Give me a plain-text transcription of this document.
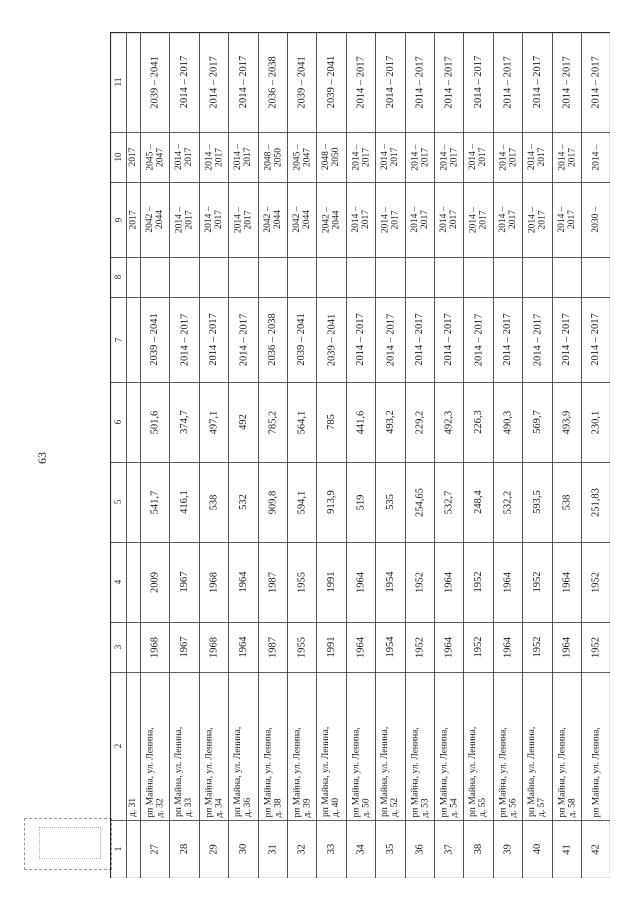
63
11
10
9
8
7
6
5
4
3
2
1
д. 31
2017
2017
2039 – 2041
2045 – 2047
2042 – 2044
2039 – 2041
501,6
541,7
2009
1968
рп Майна, ул. Ленина, д. 32
27
2014 – 2017
2014 – 2017
2014 – 2017
2014 – 2017
374,7
416,1
1967
1967
рп Майна, ул. Ленина, д. 33
28
2014 – 2017
2014 – 2017
2014 – 2017
2014 – 2017
497,1
538
1968
1968
рп Майна, ул. Ленина, д. 34
29
2014 – 2017
2014 – 2017
2014 – 2017
2014 – 2017
492
532
1964
1964
рп Майна, ул. Ленина, д. 36
30
2036 – 2038
2048 – 2050
2042 – 2044
2036 – 2038
785,2
909,8
1987
1987
рп Майна, ул. Ленина, д. 38
31
2039 – 2041
2045 – 2047
2042 – 2044
2039 – 2041
564,1
594,1
1955
1955
рп Майна, ул. Ленина, д. 39
32
2039 – 2041
2048 – 2050
2042 – 2044
2039 – 2041
785
913,9
1991
1991
рп Майна, ул. Ленина, д. 40
33
2014 – 2017
2014 – 2017
2014 – 2017
2014 – 2017
441,6
519
1964
1964
рп Майна, ул. Ленина, д. 50
34
2014 – 2017
2014 – 2017
2014 – 2017
2014 – 2017
493,2
535
1954
1954
рп Майна, ул. Ленина, д. 52
35
2014 – 2017
2014 – 2017
2014 – 2017
2014 – 2017
229,2
254,65
1952
1952
рп Майна, ул. Ленина, д. 53
36
2014 – 2017
2014 – 2017
2014 – 2017
2014 – 2017
492,3
532,7
1964
1964
рп Майна, ул. Ленина, д. 54
37
2014 – 2017
2014 – 2017
2014 – 2017
2014 – 2017
226,3
248,4
1952
1952
рп Майна, ул. Ленина, д. 55
38
2014 – 2017
2014 – 2017
2014 – 2017
2014 – 2017
490,3
532,2
1964
1964
рп Майна, ул. Ленина, д. 56
39
2014 – 2017
2014 – 2017
2014 – 2017
2014 – 2017
569,7
593,5
1952
1952
рп Майна, ул. Ленина, д. 57
40
2014 – 2017
2014 – 2017
2014 – 2017
2014 – 2017
493,9
538
1964
1964
рп Майна, ул. Ленина, д. 58
41
2014 – 2017
2014 –
2030 –
2014 – 2017
230,1
251,83
1952
1952
рп Майна, ул. Ленина,
42
